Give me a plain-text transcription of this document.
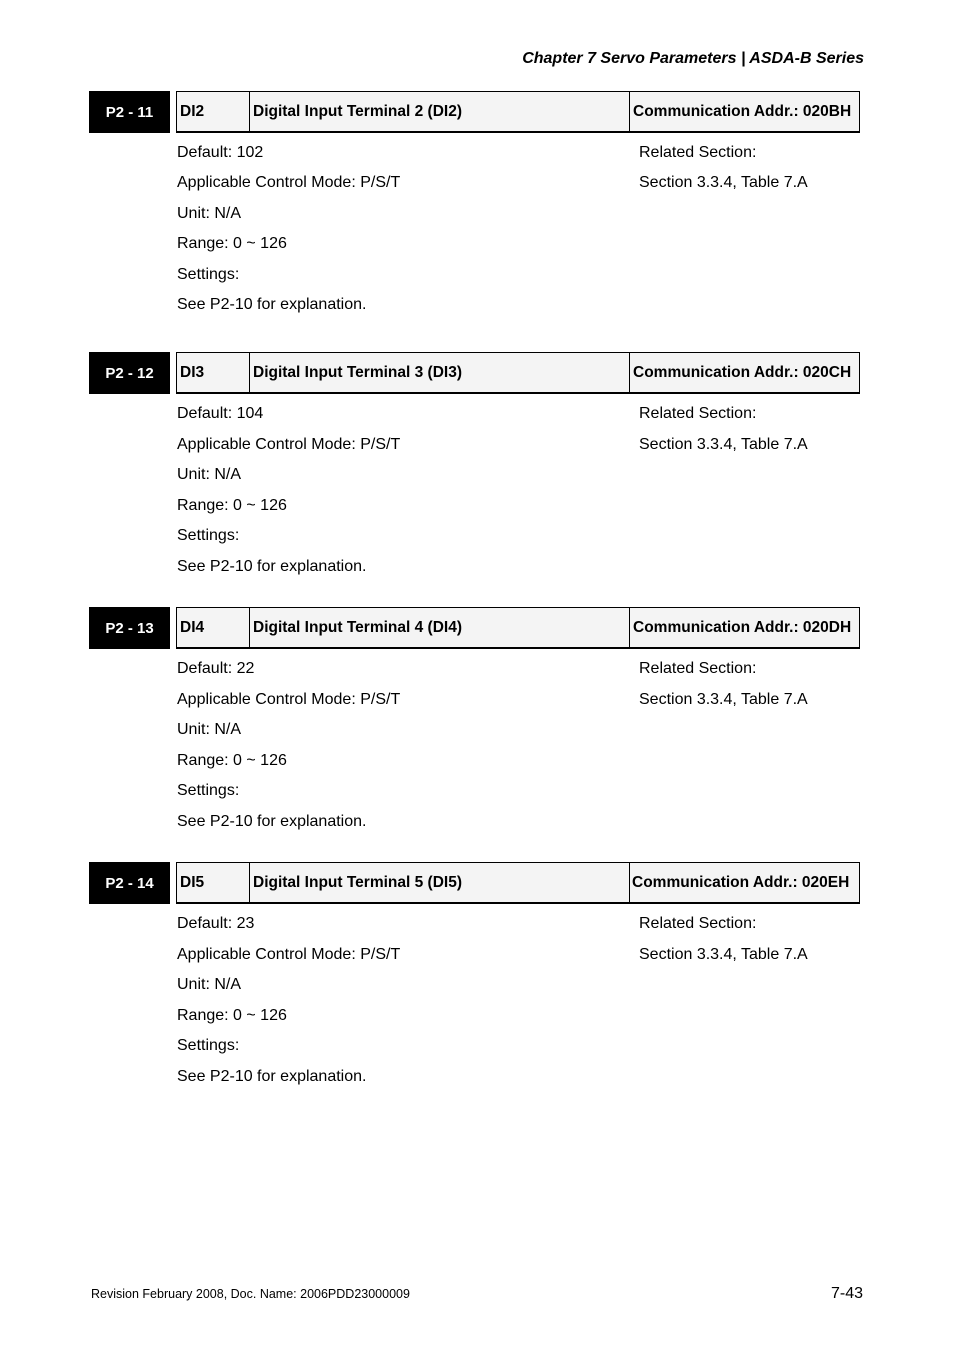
Chapter 7 Servo Parameters | ASDA-B Series
P2 - 11	DI2	Digital Input Terminal 2 (DI2)	Communication Addr.: 020BH
Default: 102
Applicable Control Mode: P/S/T
Unit: N/A
Range: 0 ~ 126
Settings:
See P2-10 for explanation.
Related Section:
Section 3.3.4, Table 7.A
P2 - 12	DI3	Digital Input Terminal 3 (DI3)	Communication Addr.: 020CH
Default: 104
Applicable Control Mode: P/S/T
Unit: N/A
Range: 0 ~ 126
Settings:
See P2-10 for explanation.
Related Section:
Section 3.3.4, Table 7.A
P2 - 13	DI4	Digital Input Terminal 4 (DI4)	Communication Addr.: 020DH
Default: 22
Applicable Control Mode: P/S/T
Unit: N/A
Range: 0 ~ 126
Settings:
See P2-10 for explanation.
Related Section:
Section 3.3.4, Table 7.A
P2 - 14	DI5	Digital Input Terminal 5 (DI5)	Communication Addr.: 020EH
Default: 23
Applicable Control Mode: P/S/T
Unit: N/A
Range: 0 ~ 126
Settings:
See P2-10 for explanation.
Related Section:
Section 3.3.4, Table 7.A
Revision February 2008, Doc. Name: 2006PDD23000009	7-43
